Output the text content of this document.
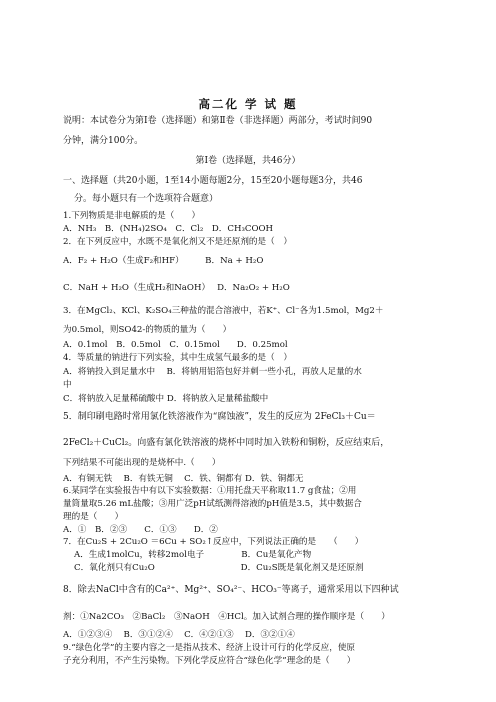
高二化 学 试 题
说明：本试卷分为第Ⅰ卷（选择题）和第Ⅱ卷（非选择题）两部分，考试时间90
分钟，满分100分。
第Ⅰ卷（选择题，共46分）
一、选择题（共20小题，1至14小题每题2分，15至20小题每题3分，共46
分。每小题只有一个选项符合题意）
1.下列物质是非电解质的是（　　）
A．NH₃　B．(NH₄)2SO₄　C．Cl₂　D．CH₃COOH
2．在下列反应中，水既不是氧化剂又不是还原剂的是（　）
A．F₂ + H₂O（生成F₂和HF）　　　B．Na + H₂O
C．NaH + H₂O（生成H₂和NaOH）　 D．Na₂O₂ + H₂O
3．在MgCl₂、KCl、K₂SO₄三种盐的混合溶液中，若K⁺、Cl⁻各为1.5mol，Mg2＋
为0.5mol，则SO42-的物质的量为（　　）
A．0.1mol　B．0.5mol　C．0.15mol　　D．0.25mol
4．等质量的钠进行下列实验，其中生成氢气最多的是（　）
A．将钠投入到足量水中　 B．将钠用铝箔包好并刺一些小孔，再放人足量的水
中
C．将钠放入足量稀硫酸中 D．将钠放入足量稀盐酸中
5．制印刷电路时常用氯化铁溶液作为“腐蚀液”，发生的反应为 2FeCl₃＋Cu＝
2FeCl₂＋CuCl₂。向盛有氯化铁溶液的烧杯中同时加入铁粉和铜粉，反应结束后，
下列结果不可能出现的是烧杯中.（　　）
A．有铜无铁　 B．有铁无铜　 C．铁、铜都有 D．铁、铜都无
6.某同学在实验报告中有以下实验数据：①用托盘天平称取11.7 g食盐；②用
量筒量取5.26 mL盐酸；③用广泛pH试纸测得溶液的pH值是3.5，其中数据合
理的是（　　）
A．①　B．②③　　C．①③　　D．②
7．在Cu₂S + 2Cu₂O ＝6Cu + SO₂↑反应中，下列说法正确的是　　（　　）
A．生成1molCu，转移2mol电子　　　　 B．Cu是氧化产物
C．氧化剂只有Cu₂O　　　　　　　　　　D．Cu₂S既是氧化剂又是还原剂
8．除去NaCl中含有的Ca²⁺、Mg²⁺、SO₄²⁻、HCO₃⁻等离子，通常采用以下四种试
剂：①Na2CO₃　②BaCl₂　③NaOH　④HCl。加入试剂合理的操作顺序是（　　）
A．①②③④　 B．③①②④　 C．④②①③　 D．③②①④
9.“绿色化学”的主要内容之一是指从技术、经济上设计可行的化学反应，使原
子充分利用，不产生污染物。下列化学反应符合“绿色化学”理念的是（　　）
